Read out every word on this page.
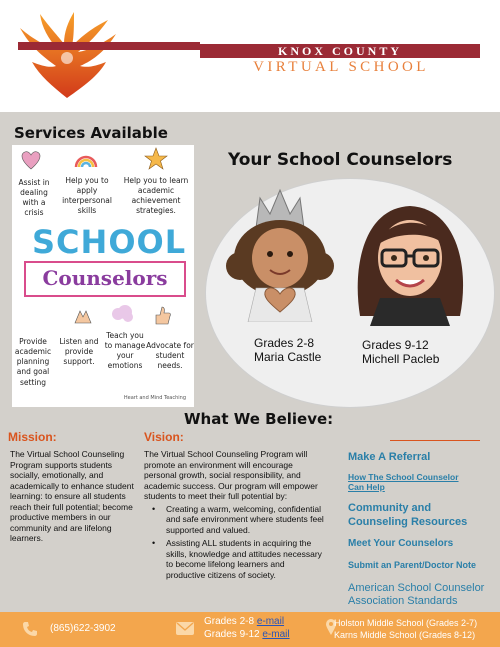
KNOX COUNTY
VIRTUAL SCHOOL
Services Available
Assist in dealing with a crisis
Help you to apply interpersonal skills
Help you to learn academic achievement strategies.
SCHOOL
Counselors
Provide academic planning and goal setting
Listen and provide support.
Teach you to manage your emotions
Advocate for student needs.
Heart and Mind Teaching
Your School Counselors
Grades 2-8
Maria Castle
Grades 9-12
Michell Pacleb
What We Believe:
Mission:
The Virtual School Counseling Program supports students socially, emotionally, and academically to enhance student learning: to ensure all students reach their full potential; become productive members in our community and are lifelong learners.
Vision:
The Virtual School Counseling Program will promote an environment will encourage personal growth, social responsibility, and academic success. Our program will empower students to meet their full potential by:
• Creating a warm, welcoming, confidential and safe environment where students feel supported and valued.
• Assisting ALL students in acquiring the skills, knowledge and attitudes necessary to become lifelong learners and productive citizens of society.
Make A Referral
How The School Counselor Can Help
Community and Counseling Resources
Meet Your Counselors
Submit an Parent/Doctor Note
American School Counselor Association Standards
(865)622-3902
Grades 2-8 e-mail
Grades 9-12 e-mail
Holston Middle School (Grades 2-7)
Karns Middle School (Grades 8-12)
